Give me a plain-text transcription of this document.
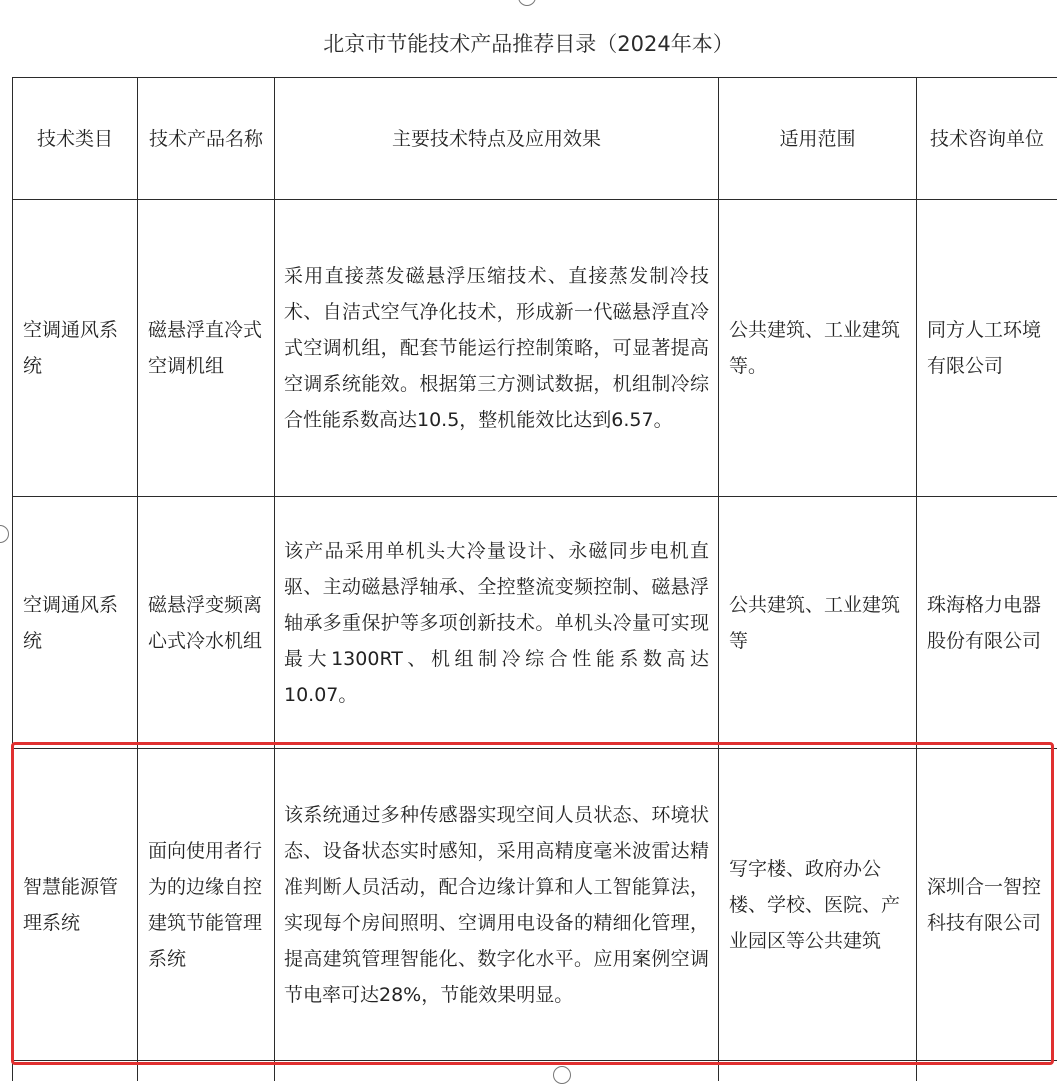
北京市节能技术产品推荐目录（2024年本）
技术类目	技术产品名称	主要技术特点及应用效果	适用范围	技术咨询单位
空调通风系统	磁悬浮直冷式空调机组	采用直接蒸发磁悬浮压缩技术、直接蒸发制冷技术、自洁式空气净化技术，形成新一代磁悬浮直冷式空调机组，配套节能运行控制策略，可显著提高空调系统能效。根据第三方测试数据，机组制冷综合性能系数高达10.5，整机能效比达到6.57。	公共建筑、工业建筑等。	同方人工环境有限公司
空调通风系统	磁悬浮变频离心式冷水机组	该产品采用单机头大冷量设计、永磁同步电机直驱、主动磁悬浮轴承、全控整流变频控制、磁悬浮轴承多重保护等多项创新技术。单机头冷量可实现最大1300RT、机组制冷综合性能系数高达10.07。	公共建筑、工业建筑等	珠海格力电器股份有限公司
智慧能源管理系统	面向使用者行为的边缘自控建筑节能管理系统	该系统通过多种传感器实现空间人员状态、环境状态、设备状态实时感知，采用高精度毫米波雷达精准判断人员活动，配合边缘计算和人工智能算法，实现每个房间照明、空调用电设备的精细化管理，提高建筑管理智能化、数字化水平。应用案例空调节电率可达28%，节能效果明显。	写字楼、政府办公楼、学校、医院、产业园区等公共建筑	深圳合一智控科技有限公司
